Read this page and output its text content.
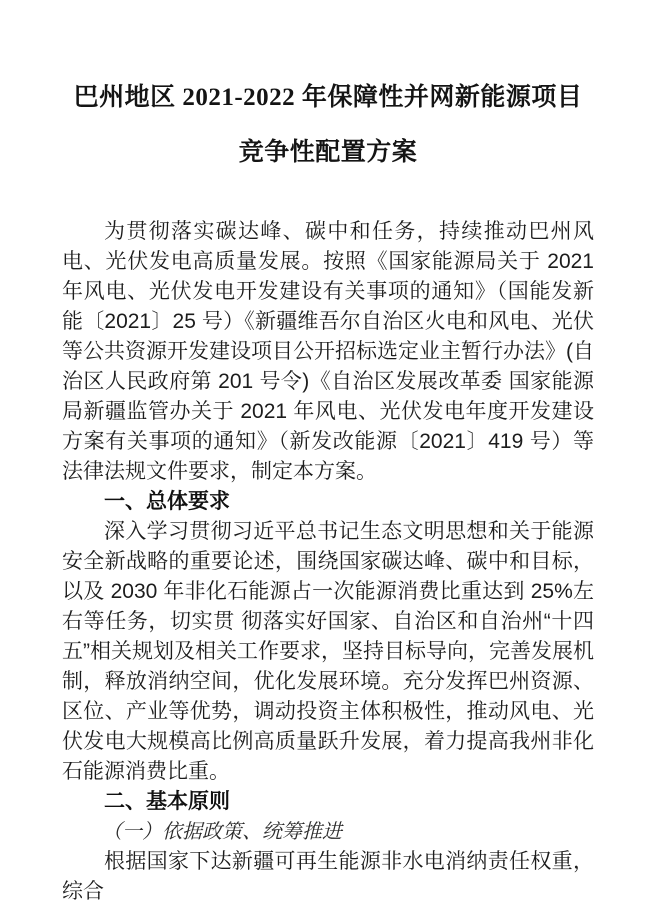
巴州地区 2021-2022 年保障性并网新能源项目
竞争性配置方案

为贯彻落实碳达峰、碳中和任务，持续推动巴州风电、光伏发电高质量发展。按照《国家能源局关于 2021 年风电、光伏发电开发建设有关事项的通知》（国能发新能〔2021〕25 号）《新疆维吾尔自治区火电和风电、光伏等公共资源开发建设项目公开招标选定业主暂行办法》(自治区人民政府第 201 号令)《自治区发展改革委 国家能源局新疆监管办关于 2021 年风电、光伏发电年度开发建设方案有关事项的通知》（新发改能源〔2021〕419 号）等法律法规文件要求，制定本方案。

一、总体要求

深入学习贯彻习近平总书记生态文明思想和关于能源安全新战略的重要论述，围绕国家碳达峰、碳中和目标，以及 2030 年非化石能源占一次能源消费比重达到 25%左右等任务，切实贯 彻落实好国家、自治区和自治州“十四五”相关规划及相关工作要求，坚持目标导向，完善发展机制，释放消纳空间，优化发展环境。充分发挥巴州资源、区位、产业等优势，调动投资主体积极性，推动风电、光伏发电大规模高比例高质量跃升发展，着力提高我州非化石能源消费比重。

二、基本原则

（一）依据政策、统筹推进

根据国家下达新疆可再生能源非水电消纳责任权重，综合
